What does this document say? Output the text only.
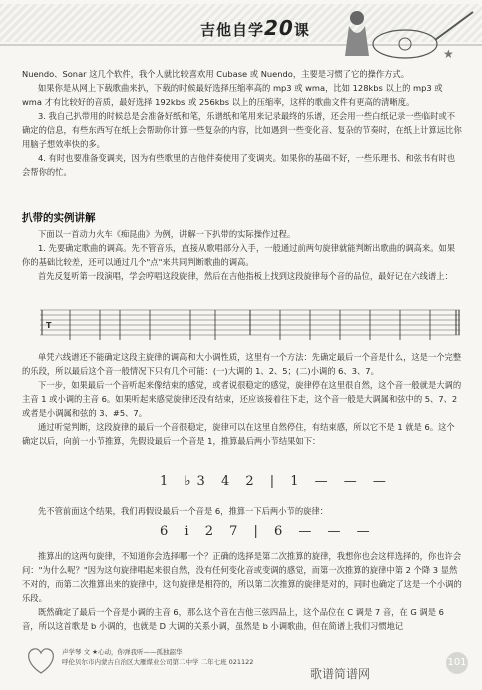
吉他自学20课
★

Nuendo、Sonar 这几个软件，我个人就比较喜欢用 Cubase 或 Nuendo，主要是习惯了它的操作方式。

如果你是从网上下载歌曲来扒，下载的时候最好选择压缩率高的 mp3 或 wma，比如 128kbs 以上的 mp3 或 wma 才有比较好的音质，最好选择 192kbs 或 256kbs 以上的压缩率，这样的歌曲文件有更高的清晰度。

3. 我自己扒带用的时候总是会准备好纸和笔，乐谱纸和笔用来记录最终的乐谱，还会用一些白纸记录一些临时或不确定的信息，有些东西写在纸上会帮助你计算一些复杂的内容，比如遇到一些变化音、复杂的节奏时，在纸上计算远比你用脑子想效率快的多。

4. 有时也要准备变调夹，因为有些歌里的吉他伴奏使用了变调夹。如果你的基础不好，一些乐理书、和弦书有时也会帮你的忙。

扒带的实例讲解

下面以一首动力火车《痴昆曲》为例，讲解一下扒带的实际操作过程。

1. 先要确定歌曲的调高。先不管音乐，直接从歌唱部分入手，一般通过前两句旋律就能判断出歌曲的调高来。如果你的基础比较差，还可以通过几个"点"来共同判断歌曲的调高。

首先反复听第一段演唱，学会哼唱这段旋律，然后在吉他指板上找到这段旋律每个音的品位，最好记在六线谱上：

T

单凭六线谱还不能确定这段主旋律的调高和大小调性质，这里有一个方法：先确定最后一个音是什么，这是一个完整的乐段，所以最后这个音一般情况下只有几个可能：(一)大调的 1、2、5；(二)小调的 6、3、7。

下一步，如果最后一个音听起来像结束的感觉，或者说很稳定的感觉，旋律停在这里很自然，这个音一般就是大调的主音 1 或小调的主音 6。如果听起来感觉旋律还没有结束，还应该接着往下走，这个音一般是大调属和弦中的 5、7、2 或者是小调属和弦的 3、#5、7。

通过听觉判断，这段旋律的最后一个音很稳定，旋律可以在这里自然停住，有结束感，所以它不是 1 就是 6。这个确定以后，向前一小节推算，先假设最后一个音是 1，推算最后两小节结果如下：

1 ♭3 4 2 | 1 — — —

先不管前面这个结果，我们再假设最后一个音是 6，推算一下后两小节的旋律：

6 i 2 7 | 6 — — —

推算出的这两句旋律，不知道你会选择哪一个？正确的选择是第二次推算的旋律，我想你也会这样选择的，你也许会问："为什么呢？"因为这句旋律唱起来很自然，没有任何变化音或变调的感觉，而第一次推算的旋律中第 2 个降 3 显然不对的，而第二次推算出来的旋律中，这句旋律是相符的，所以第二次推算的旋律是对的，同时也确定了这是一个小调的乐段。

既然确定了最后一个音是小调的主音 6，那么这个音在吉他三弦四品上，这个品位在 C 调是 7 音，在 G 调是 6 音，所以这首歌是 b 小调的，也就是 D 大调的关系小调，虽然是 b 小调歌曲，但在简谱上我们习惯地记

声学琴 文 ★心动，你弹我听——孤独韶华
呼伦贝尔市内蒙古自治区大雁煤业公司第二中学 二年七班 021122
歌谱简谱网
101
